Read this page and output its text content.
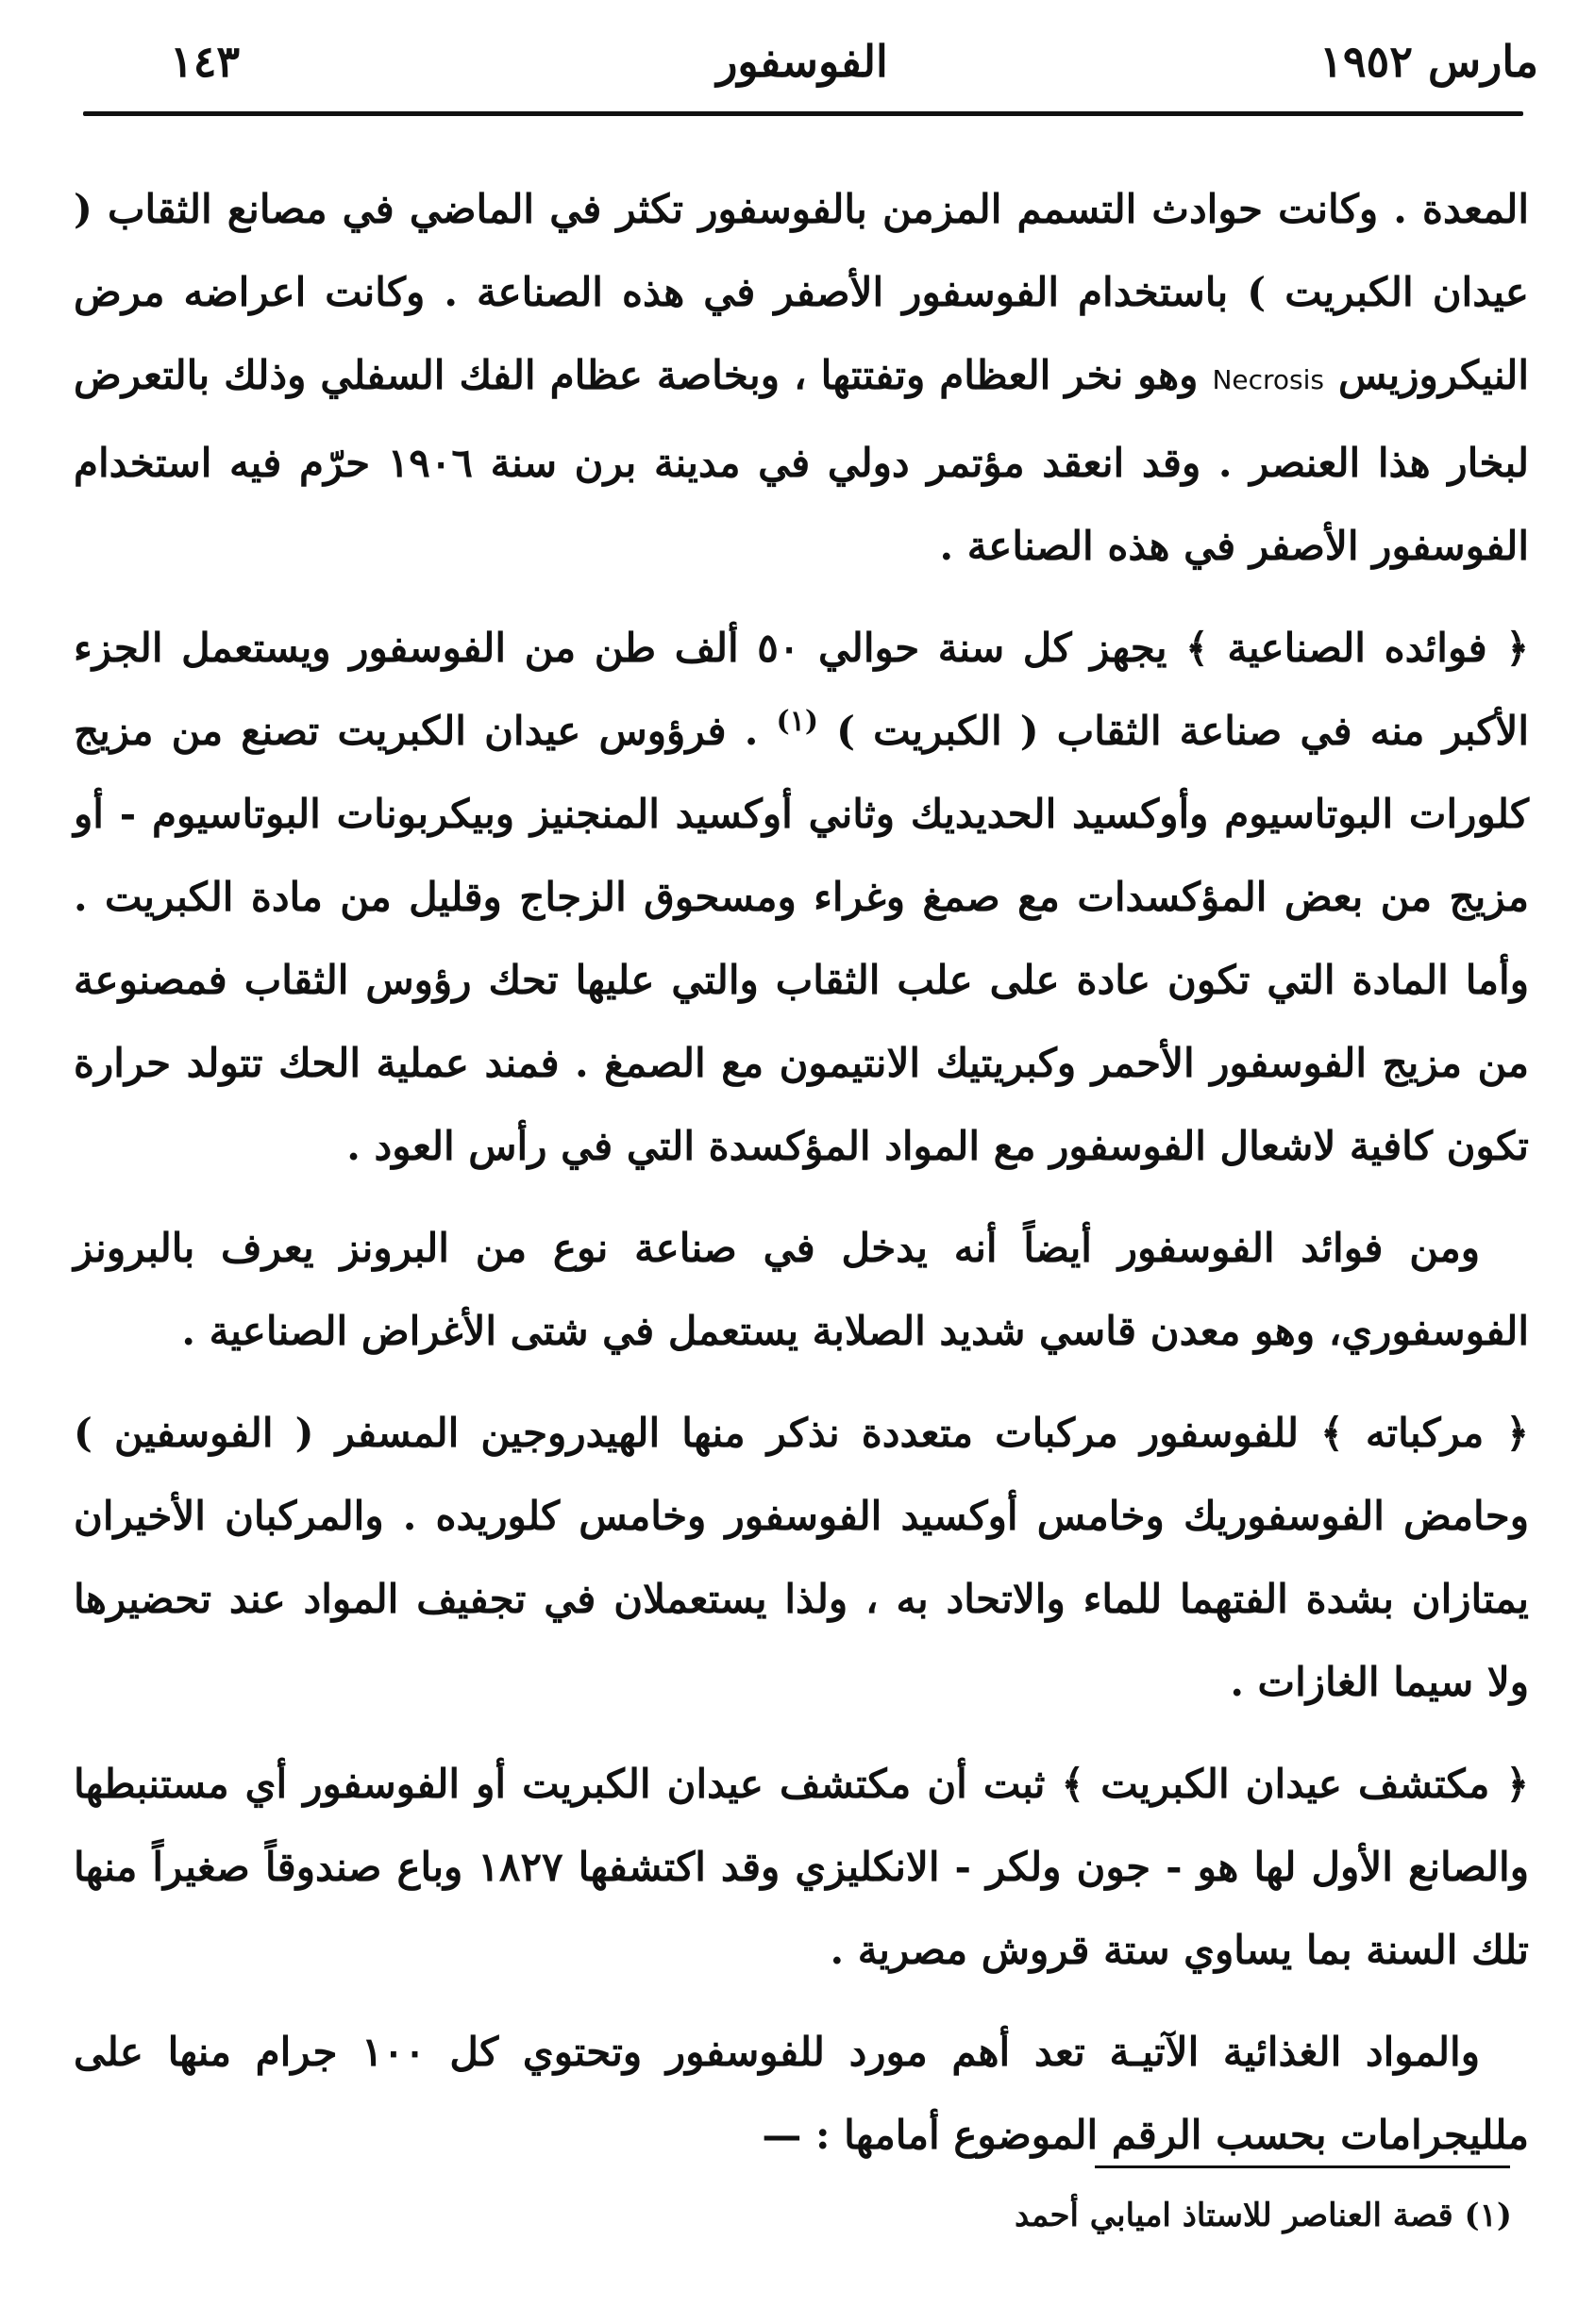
مارس ١٩٥٢
الفوسفور
١٤٣

المعدة . وكانت حوادث التسمم المزمن بالفوسفور تكثر في الماضي في مصانع الثقاب ( عيدان الكبريت ) باستخدام الفوسفور الأصفر في هذه الصناعة . وكانت اعراضه مرض النيكروزيس Necrosis وهو نخر العظام وتفتتها ، وبخاصة عظام الفك السفلي وذلك بالتعرض لبخار هذا العنصر . وقد انعقد مؤتمر دولي في مدينة برن سنة ١٩٠٦ حرّم فيه استخدام الفوسفور الأصفر في هذه الصناعة .

﴿ فوائده الصناعية ﴾ يجهز كل سنة حوالي ٥٠ ألف طن من الفوسفور ويستعمل الجزء الأكبر منه في صناعة الثقاب ( الكبريت ) $^{(١)}$ . فرؤوس عيدان الكبريت تصنع من مزيج كلورات البوتاسيوم وأوكسيد الحديديك وثاني أوكسيد المنجنيز وبيكربونات البوتاسيوم - أو مزيج من بعض المؤكسدات مع صمغ وغراء ومسحوق الزجاج وقليل من مادة الكبريت . وأما المادة التي تكون عادة على علب الثقاب والتي عليها تحك رؤوس الثقاب فمصنوعة من مزيج الفوسفور الأحمر وكبريتيك الانتيمون مع الصمغ . فمند عملية الحك تتولد حرارة تكون كافية لاشعال الفوسفور مع المواد المؤكسدة التي في رأس العود .

ومن فوائد الفوسفور أيضاً أنه يدخل في صناعة نوع من البرونز يعرف بالبرونز الفوسفوري، وهو معدن قاسي شديد الصلابة يستعمل في شتى الأغراض الصناعية .

﴿ مركباته ﴾ للفوسفور مركبات متعددة نذكر منها الهيدروجين المسفر ( الفوسفين ) وحامض الفوسفوريك وخامس أوكسيد الفوسفور وخامس كلوريده . والمركبان الأخيران يمتازان بشدة الفتهما للماء والاتحاد به ، ولذا يستعملان في تجفيف المواد عند تحضيرها ولا سيما الغازات .

﴿ مكتشف عيدان الكبريت ﴾ ثبت أن مكتشف عيدان الكبريت أو الفوسفور أي مستنبطها والصانع الأول لها هو - جون ولكر - الانكليزي وقد اكتشفها ١٨٢٧ وباع صندوقاً صغيراً منها تلك السنة بما يساوي ستة قروش مصرية .

والمواد الغذائية الآتيـة تعد أهم مورد للفوسفور وتحتوي كل ١٠٠ جرام منها على ملليجرامات بحسب الرقم الموضوع أمامها : —

(١) قصة العناصر للاستاذ اميابي أحمد
